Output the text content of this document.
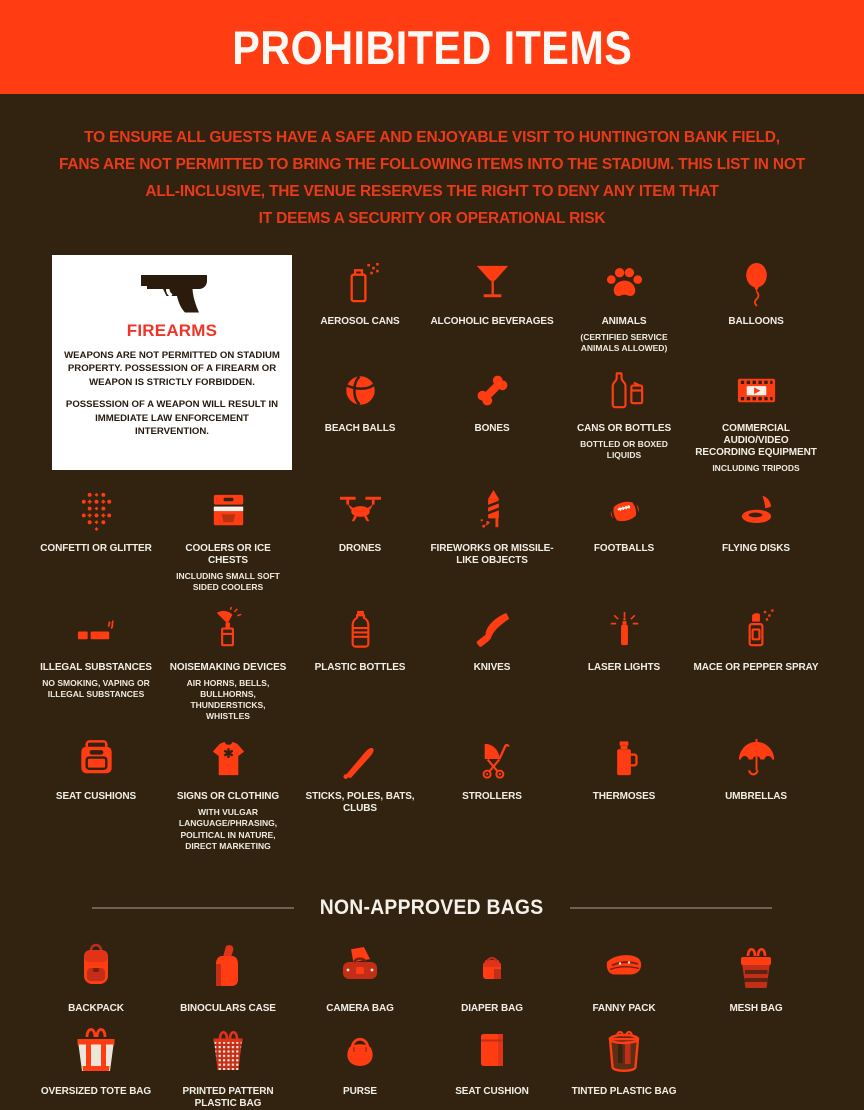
PROHIBITED ITEMS
TO ENSURE ALL GUESTS HAVE A SAFE AND ENJOYABLE VISIT TO HUNTINGTON BANK FIELD,
FANS ARE NOT PERMITTED TO BRING THE FOLLOWING ITEMS INTO THE STADIUM. THIS LIST IN NOT
ALL-INCLUSIVE, THE VENUE RESERVES THE RIGHT TO DENY ANY ITEM THAT
IT DEEMS A SECURITY OR OPERATIONAL RISK
FIREARMS

WEAPONS ARE NOT PERMITTED ON STADIUM PROPERTY. POSSESSION OF A FIREARM OR WEAPON IS STRICTLY FORBIDDEN.

POSSESSION OF A WEAPON WILL RESULT IN IMMEDIATE LAW ENFORCEMENT INTERVENTION.

AEROSOL CANS	ALCOHOLIC BEVERAGES	ANIMALS
(CERTIFIED SERVICE ANIMALS ALLOWED)
BALLOONS
BEACH BALLS	BONES	CANS OR BOTTLES
BOTTLED OR BOXED LIQUIDS
COMMERCIAL AUDIO/VIDEO RECORDING EQUIPMENT
INCLUDING TRIPODS
CONFETTI OR GLITTER	COOLERS OR ICE CHESTS
INCLUDING SMALL SOFT SIDED COOLERS
DRONES	FIREWORKS OR MISSILE-LIKE OBJECTS
FOOTBALLS	FLYING DISKS
ILLEGAL SUBSTANCES
NO SMOKING, VAPING OR ILLEGAL SUBSTANCES
NOISEMAKING DEVICES
AIR HORNS, BELLS, BULLHORNS, THUNDERSTICKS, WHISTLES
PLASTIC BOTTLES	KNIVES	LASER LIGHTS	MACE OR PEPPER SPRAY
SEAT CUSHIONS	SIGNS OR CLOTHING
WITH VULGAR LANGUAGE/PHRASING, POLITICAL IN NATURE, DIRECT MARKETING
STICKS, POLES, BATS, CLUBS
STROLLERS	THERMOSES	UMBRELLAS
NON-APPROVED BAGS
BACKPACK	BINOCULARS CASE	CAMERA BAG	DIAPER BAG	FANNY PACK	MESH BAG
OVERSIZED TOTE BAG	PRINTED PATTERN PLASTIC BAG
PURSE	SEAT CUSHION	TINTED PLASTIC BAG
